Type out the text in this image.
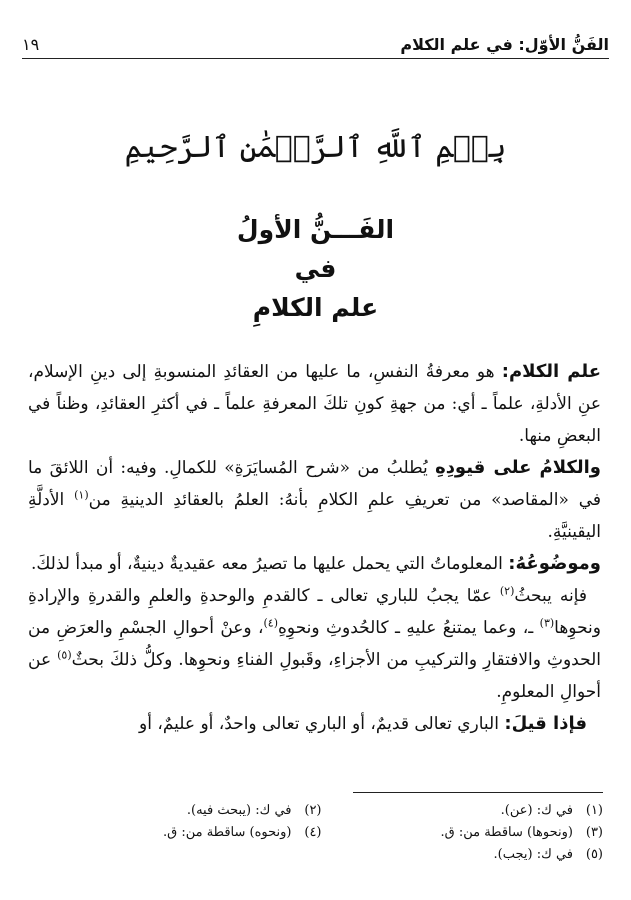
الفَنُّ الأوّل: في علم الكلام
١٩
بِسۡمِ ٱللَّهِ ٱلرَّحۡمَٰنِ ٱلرَّحِيمِ
الفَـــنُّ الأولُ
في
علم الكلامِ

علم الكلام: هو معرفةُ النفسِ، ما عليها من العقائدِ المنسوبةِ إلى دينِ الإسلام، عنِ الأدلةِ، علماً ـ أي: من جهةِ كونِ تلكَ المعرفةِ علماً ـ في أكثرِ العقائدِ، وظناً في البعضِ منها.

والكلامُ على قيودِهِ يُطلبُ من «شرح المُسايَرَةِ» للكمالِ. وفيه: أن اللائقَ ما في «المقاصد» من تعريفِ علمِ الكلامِ بأنهُ: العلمُ بالعقائدِ الدينيةِ من$^{(١)}$ الأدلَّةِ اليقينيَّةِ.

وموضُوعُهُ: المعلوماتُ التي يحمل عليها ما تصيرُ معه عقيديةٌ دينيةٌ، أو مبدأ لذلكَ.

فإنه يبحثُ$^{(٢)}$ عمّا يجبُ للباري تعالى ـ كالقدمِ والوحدةِ والعلمِ والقدرةِ والإرادةِ ونحوِها$^{(٣)}$ ـ، وعما يمتنعُ عليهِ ـ كالحُدوثِ ونحوِهِ$^{(٤)}$، وعنْ أحوالِ الجسْمِ والعرَضِ من الحدوثِ والافتقارِ والتركيبِ من الأجزاءِ، وقَبولِ الفناءِ ونحوِها. وكلُّ ذلكَ بحثٌ$^{(٥)}$ عن أحوالِ المعلومِ.

فإذا قيلَ: الباري تعالى قديمٌ، أو الباري تعالى واحدٌ، أو عليمٌ، أو

(١)في ك: (عن).
(٢)في ك: (يبحث فيه).
(٣)(ونحوها) ساقطة من: ق.
(٤)(ونحوه) ساقطة من: ق.
(٥)في ك: (يجب).
